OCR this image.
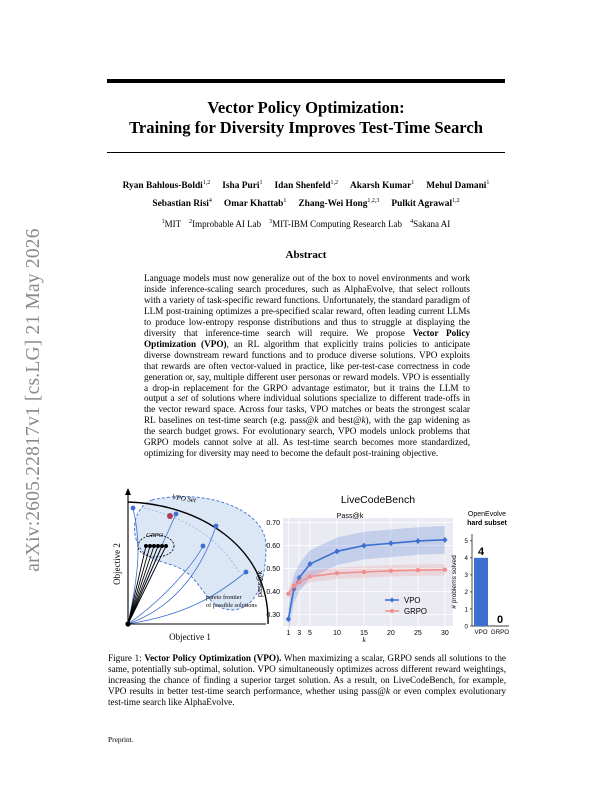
arXiv:2605.22817v1 [cs.LG] 21 May 2026
Vector Policy Optimization:
Training for Diversity Improves Test-Time Search
Ryan Bahlous-Boldi$^{1,2}$ Isha Puri$^1$ Idan Shenfeld$^{1,2}$ Akarsh Kumar$^1$ Mehul Damani$^1$
Sebastian Risi$^4$ Omar Khattab$^1$ Zhang-Wei Hong$^{1,2,3}$ Pulkit Agrawal$^{1,2}$
$^1$MIT $^2$Improbable AI Lab $^3$MIT-IBM Computing Research Lab $^4$Sakana AI
Abstract
Language models must now generalize out of the box to novel environments and work inside inference-scaling search procedures, such as AlphaEvolve, that select rollouts with a variety of task-specific reward functions. Unfortunately, the standard paradigm of LLM post-training optimizes a pre-specified scalar reward, often leading current LLMs to produce low-entropy response distributions and thus to struggle at displaying the diversity that inference-time search will require. We propose Vector Policy Optimization (VPO), an RL algorithm that explicitly trains policies to anticipate diverse downstream reward functions and to produce diverse solutions. VPO exploits that rewards are often vector-valued in practice, like per-test-case correctness in code generation or, say, multiple different user personas or reward models. VPO is essentially a drop-in replacement for the GRPO advantage estimator, but it trains the LLM to output a set of solutions where individual solutions specialize to different trade-offs in the vector reward space. Across four tasks, VPO matches or beats the strongest scalar RL baselines on test-time search (e.g. pass@k and best@k), with the gap widening as the search budget grows. For evolutionary search, VPO models unlock problems that GRPO models cannot solve at all. As test-time search becomes more standardized, optimizing for diversity may need to become the default post-training objective.
VPO Set
GRPO
pareto frontier
of possible solutions
Objective 2
Objective 1
0.30
0.40
0.50
0.60
0.70
1 3 5	10	15	20	25	30
LiveCodeBench
Pass@k
pass@k
k
VPO
GRPO
OpenEvolve
hard subset
0
1
2
3
4
5
# problems solved
4
VPO
0
GRPO
Figure 1: Vector Policy Optimization (VPO). When maximizing a scalar, GRPO sends all solutions to the same, potentially sub-optimal, solution. VPO simultaneously optimizes across different reward weightings, increasing the chance of finding a superior target solution. As a result, on LiveCodeBench, for example, VPO results in better test-time search performance, whether using pass@k or even complex evolutionary test-time search like AlphaEvolve.
Preprint.
